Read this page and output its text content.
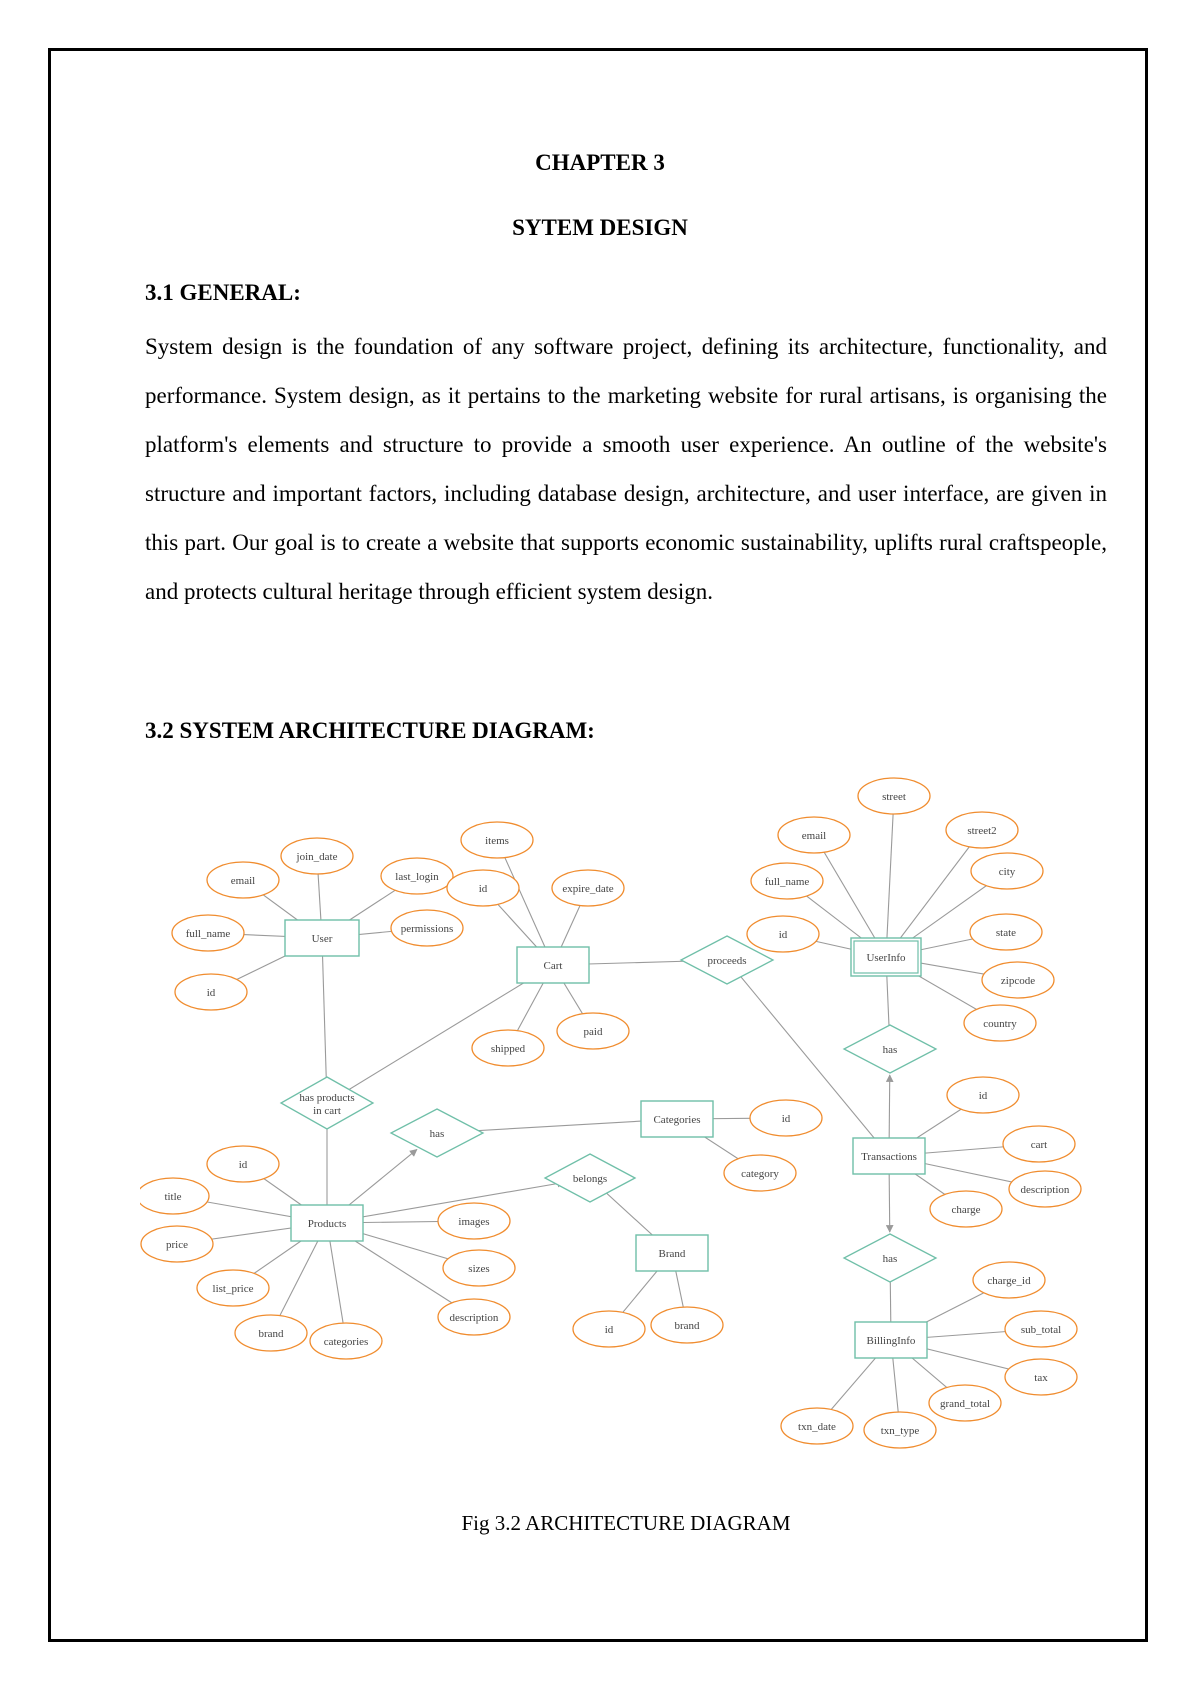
CHAPTER 3
SYTEM DESIGN
3.1 GENERAL:

System design is the foundation of any software project, defining its architecture, functionality, and performance. System design, as it pertains to the marketing website for rural artisans, is organising the platform's elements and structure to provide a smooth user experience. An outline of the website's structure and important factors, including database design, architecture, and user interface, are given in this part. Our goal is to create a website that supports economic sustainability, uplifts rural craftspeople, and protects cultural heritage through efficient system design.

3.2 SYSTEM ARCHITECTURE DIAGRAM:
join_date
email	last_login
permissions
full_name
id
items
id	expire_date
shipped
paid
street
email	street2
full_name
city
id	state
zipcode
country
id
category
id
title
images
price
sizes
list_price
description
brand
categories
id	brand
id
cart
description
charge
charge_id
sub_total
tax
grand_total
txn_date	txn_type
proceeds
has products in cart
has
belongs
has
has
User
Cart
UserInfo
Categories
Products
Brand
Transactions
BillingInfo
Fig 3.2 ARCHITECTURE DIAGRAM
